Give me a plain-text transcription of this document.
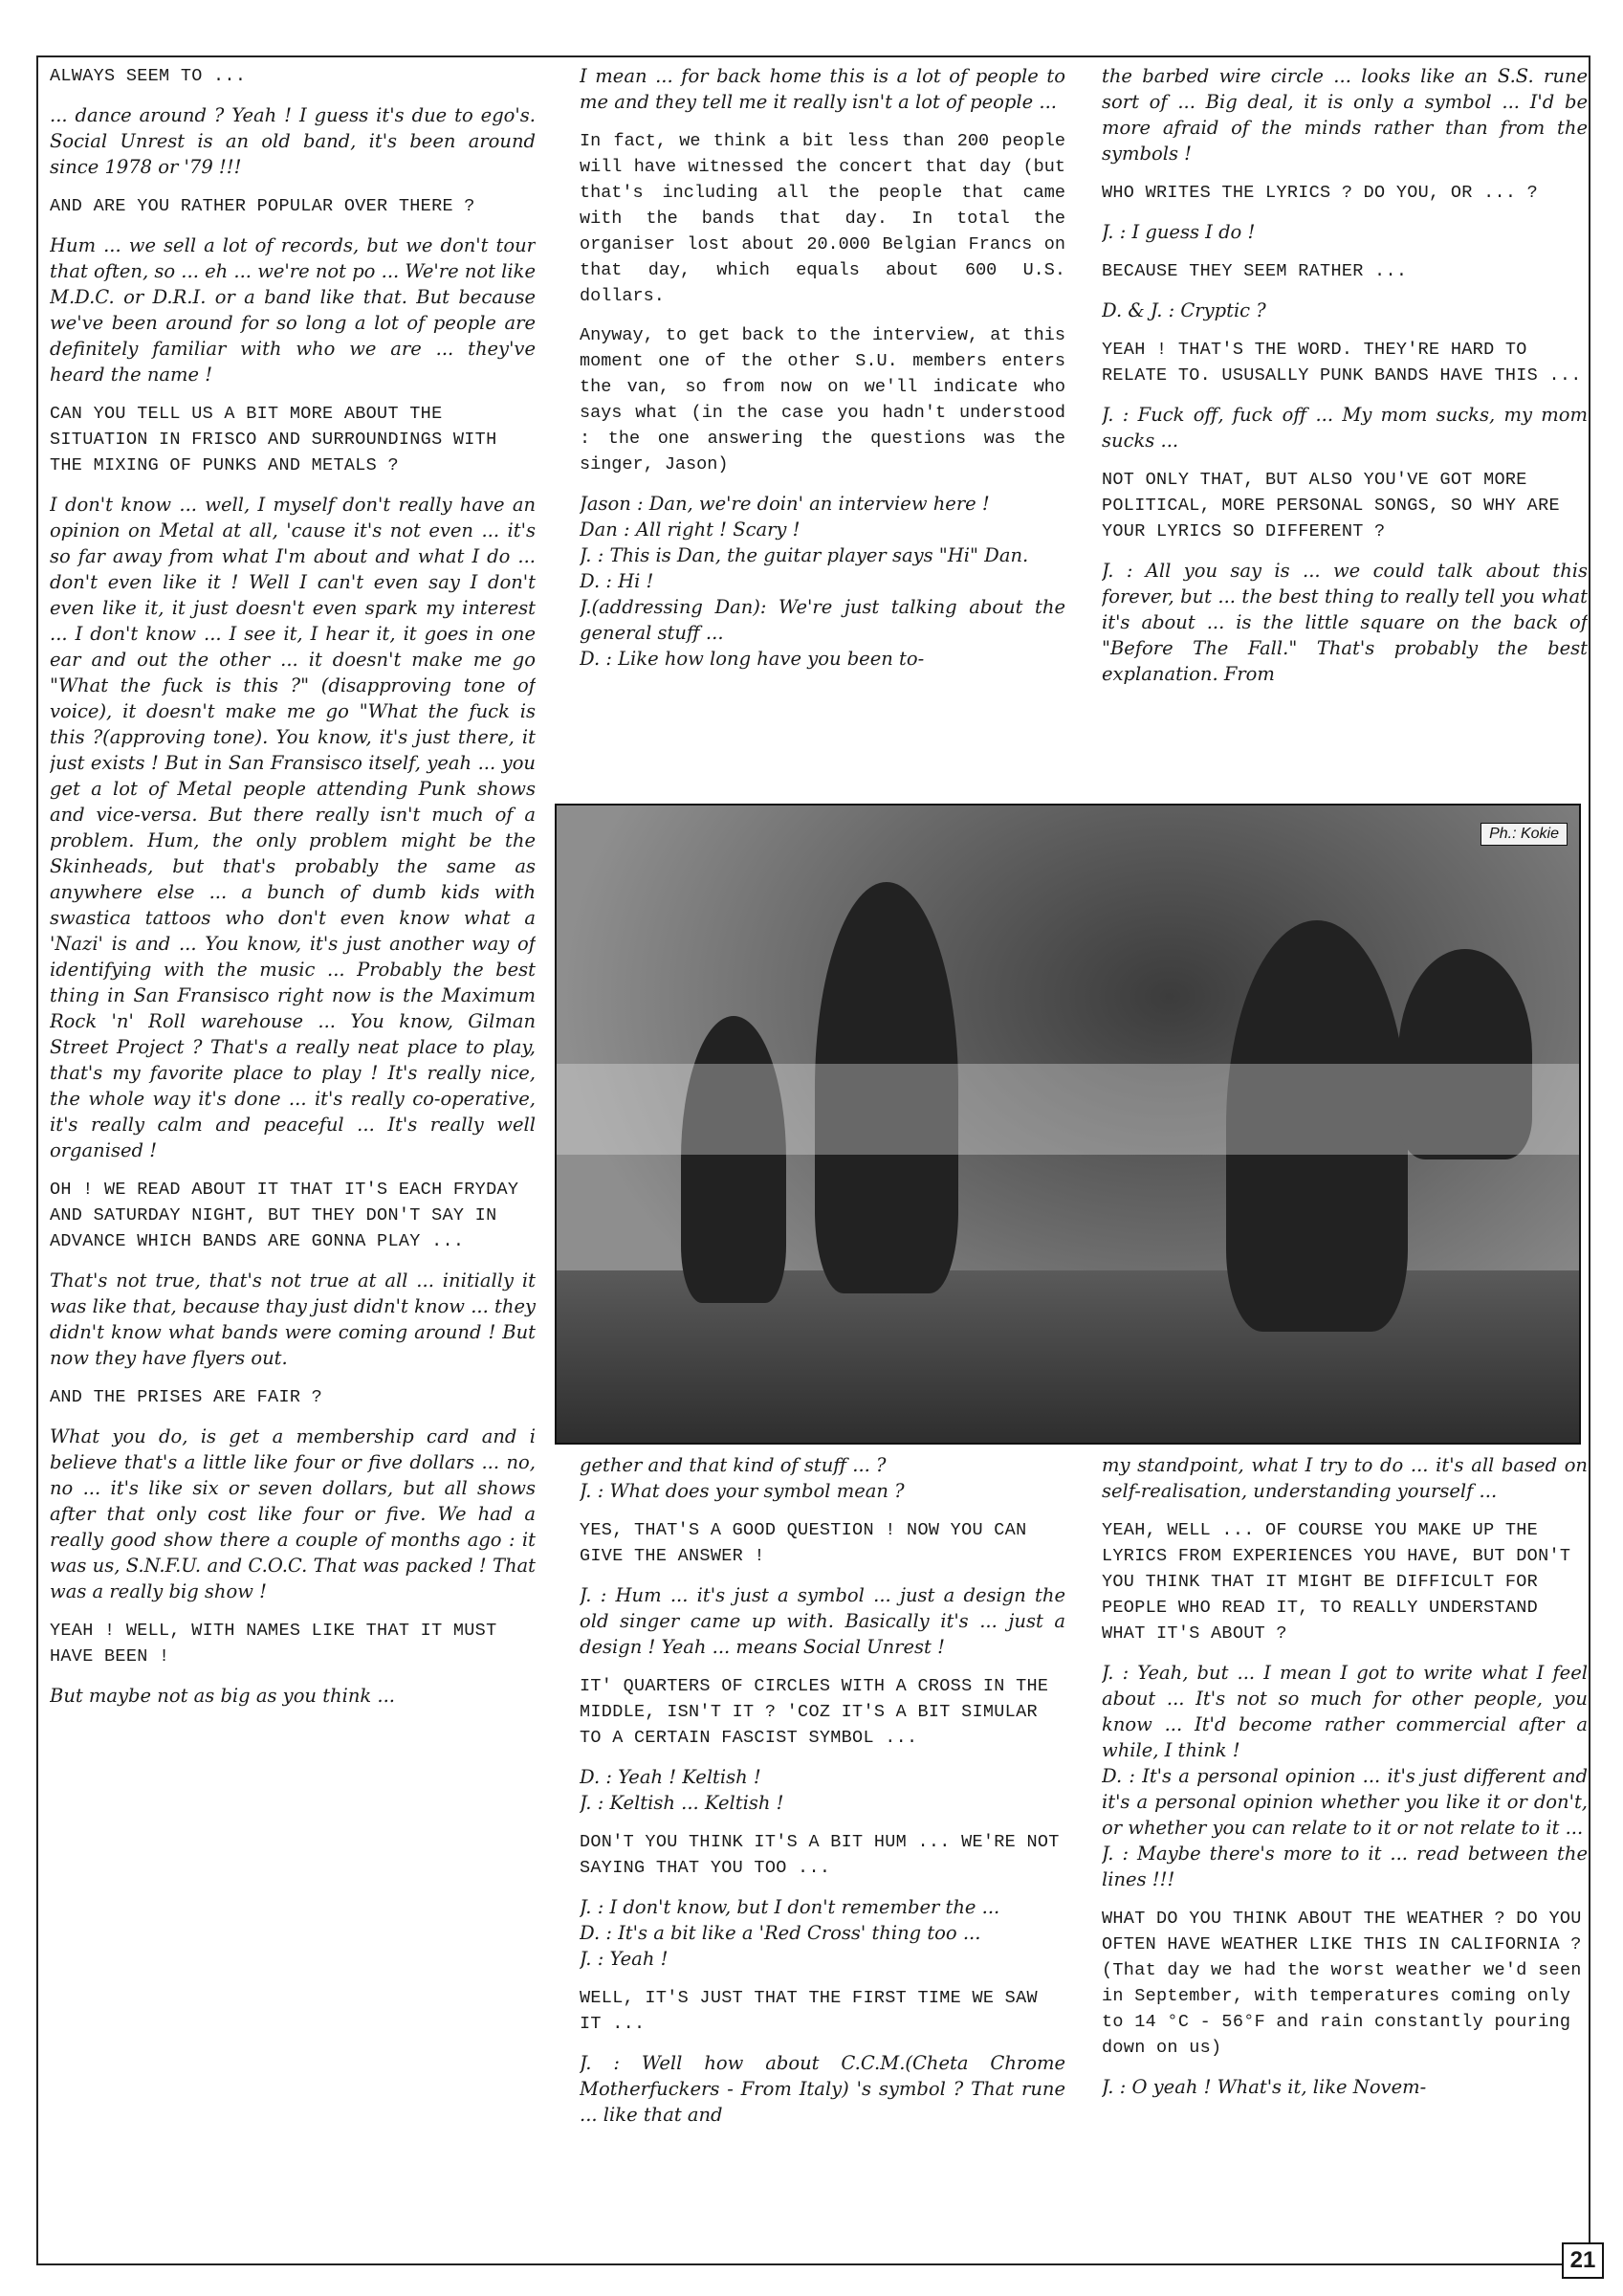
ALWAYS SEEM TO ...

... dance around ? Yeah ! I guess it's due to ego's. Social Unrest is an old band, it's been around since 1978 or '79 !!!

AND ARE YOU RATHER POPULAR OVER THERE ?

Hum ... we sell a lot of records, but we don't tour that often, so ... eh ... we're not po ... We're not like M.D.C. or D.R.I. or a band like that. But because we've been around for so long a lot of people are definitely familiar with who we are ... they've heard the name !

CAN YOU TELL US A BIT MORE ABOUT THE SITUATION IN FRISCO AND SURROUNDINGS WITH THE MIXING OF PUNKS AND METALS ?

I don't know ... well, I myself don't really have an opinion on Metal at all, 'cause it's not even ... it's so far away from what I'm about and what I do ... don't even like it ! Well I can't even say I don't even like it, it just doesn't even spark my interest ... I don't know ... I see it, I hear it, it goes in one ear and out the other ... it doesn't make me go "What the fuck is this ?" (disapproving tone of voice), it doesn't make me go "What the fuck is this ?(approving tone). You know, it's just there, it just exists ! But in San Fransisco itself, yeah ... you get a lot of Metal people attending Punk shows and vice-versa. But there really isn't much of a problem. Hum, the only problem might be the Skinheads, but that's probably the same as anywhere else ... a bunch of dumb kids with swastica tattoos who don't even know what a 'Nazi' is and ... You know, it's just another way of identifying with the music ... Probably the best thing in San Fransisco right now is the Maximum Rock 'n' Roll warehouse ... You know, Gilman Street Project ? That's a really neat place to play, that's my favorite place to play ! It's really nice, the whole way it's done ... it's really co-operative, it's really calm and peaceful ... It's really well organised !

OH ! WE READ ABOUT IT THAT IT'S EACH FRYDAY AND SATURDAY NIGHT, BUT THEY DON'T SAY IN ADVANCE WHICH BANDS ARE GONNA PLAY ...

That's not true, that's not true at all ... initially it was like that, because thay just didn't know ... they didn't know what bands were coming around ! But now they have flyers out.

AND THE PRISES ARE FAIR ?

What you do, is get a membership card and i believe that's a little like four or five dollars ... no, no ... it's like six or seven dollars, but all shows after that only cost like four or five. We had a really good show there a couple of months ago : it was us, S.N.F.U. and C.O.C. That was packed ! That was a really big show !

YEAH ! WELL, WITH NAMES LIKE THAT IT MUST HAVE BEEN !

But maybe not as big as you think ...

I mean ... for back home this is a lot of people to me and they tell me it really isn't a lot of people ...

In fact, we think a bit less than 200 people will have witnessed the concert that day (but that's including all the people that came with the bands that day. In total the organiser lost about 20.000 Belgian Francs on that day, which equals about 600 U.S. dollars.

Anyway, to get back to the interview, at this moment one of the other S.U. members enters the van, so from now on we'll indicate who says what (in the case you hadn't understood : the one answering the questions was the singer, Jason)

Jason : Dan, we're doin' an interview here !
Dan : All right ! Scary !
J. : This is Dan, the guitar player says "Hi" Dan.
D. : Hi !
J.(addressing Dan): We're just talking about the general stuff ...
D. : Like how long have you been to-

the barbed wire circle ... looks like an S.S. rune sort of ... Big deal, it is only a symbol ... I'd be more afraid of the minds rather than from the symbols !

WHO WRITES THE LYRICS ? DO YOU, OR ... ?

J. : I guess I do !

BECAUSE THEY SEEM RATHER ...

D. & J. : Cryptic ?

YEAH ! THAT'S THE WORD. THEY'RE HARD TO RELATE TO. USUSALLY PUNK BANDS HAVE THIS ...

J. : Fuck off, fuck off ... My mom sucks, my mom sucks ...

NOT ONLY THAT, BUT ALSO YOU'VE GOT MORE POLITICAL, MORE PERSONAL SONGS, SO WHY ARE YOUR LYRICS SO DIFFERENT ?

J. : All you say is ... we could talk about this forever, but ... the best thing to really tell you what it's about ... is the little square on the back of "Before The Fall." That's probably the best explanation. From

Ph.: Kokie

gether and that kind of stuff ... ?
J. : What does your symbol mean ?

YES, THAT'S A GOOD QUESTION ! NOW YOU CAN GIVE THE ANSWER !

J. : Hum ... it's just a symbol ... just a design the old singer came up with. Basically it's ... just a design ! Yeah ... means Social Unrest !

IT' QUARTERS OF CIRCLES WITH A CROSS IN THE MIDDLE, ISN'T IT ? 'COZ IT'S A BIT SIMULAR TO A CERTAIN FASCIST SYMBOL ...

D. : Yeah ! Keltish !
J. : Keltish ... Keltish !

DON'T YOU THINK IT'S A BIT HUM ... WE'RE NOT SAYING THAT YOU TOO ...

J. : I don't know, but I don't remember the ...
D. : It's a bit like a 'Red Cross' thing too ...
J. : Yeah !

WELL, IT'S JUST THAT THE FIRST TIME WE SAW IT ...

J. : Well how about C.C.M.(Cheta Chrome Motherfuckers - From Italy) 's symbol ? That rune ... like that and

my standpoint, what I try to do ... it's all based on self-realisation, understanding yourself ...

YEAH, WELL ... OF COURSE YOU MAKE UP THE LYRICS FROM EXPERIENCES YOU HAVE, BUT DON'T YOU THINK THAT IT MIGHT BE DIFFICULT FOR PEOPLE WHO READ IT, TO REALLY UNDERSTAND WHAT IT'S ABOUT ?

J. : Yeah, but ... I mean I got to write what I feel about ... It's not so much for other people, you know ... It'd become rather commercial after a while, I think !
D. : It's a personal opinion ... it's just different and it's a personal opinion whether you like it or don't, or whether you can relate to it or not relate to it ...
J. : Maybe there's more to it ... read between the lines !!!

WHAT DO YOU THINK ABOUT THE WEATHER ? DO YOU OFTEN HAVE WEATHER LIKE THIS IN CALIFORNIA ? (That day we had the worst weather we'd seen in September, with temperatures coming only to 14 °C - 56°F and rain constantly pouring down on us)

J. : O yeah ! What's it, like Novem-

21
